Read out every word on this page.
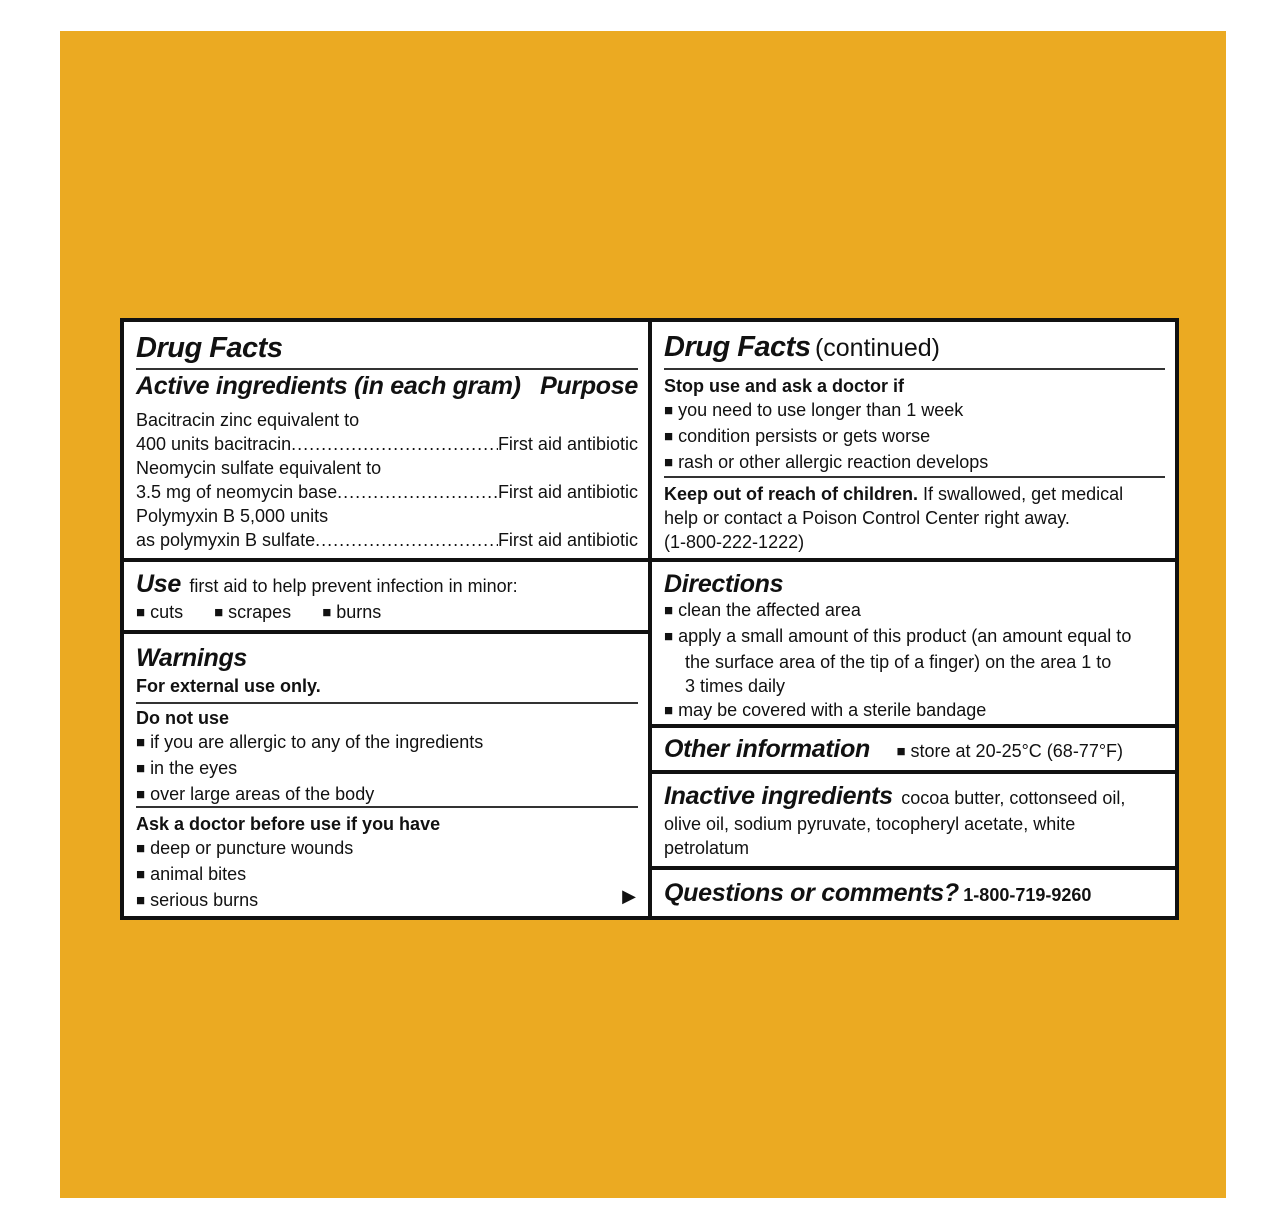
Drug Facts
Active ingredients (in each gram) Purpose
Bacitracin zinc equivalent to
400 units bacitracin .....	First aid antibiotic
Neomycin sulfate equivalent to
3.5 mg of neomycin base .....	First aid antibiotic
Polymyxin B 5,000 units
as polymyxin B sulfate .....	First aid antibiotic
Use first aid to help prevent infection in minor:
■ cuts	■ scrapes	■ burns
Warnings
For external use only.
Do not use
■ if you are allergic to any of the ingredients
■ in the eyes
■ over large areas of the body
Ask a doctor before use if you have
■ deep or puncture wounds
■ animal bites
■ serious burns	▶
Drug Facts (continued)
Stop use and ask a doctor if
■ you need to use longer than 1 week
■ condition persists or gets worse
■ rash or other allergic reaction develops
Keep out of reach of children. If swallowed, get medical
help or contact a Poison Control Center right away.
(1-800-222-1222)
Directions
■ clean the affected area
■ apply a small amount of this product (an amount equal to
the surface area of the tip of a finger) on the area 1 to
3 times daily
■ may be covered with a sterile bandage
Other information ■ store at 20-25°C (68-77°F)
Inactive ingredients cocoa butter, cottonseed oil,
olive oil, sodium pyruvate, tocopheryl acetate, white
petrolatum
Questions or comments? 1-800-719-9260
